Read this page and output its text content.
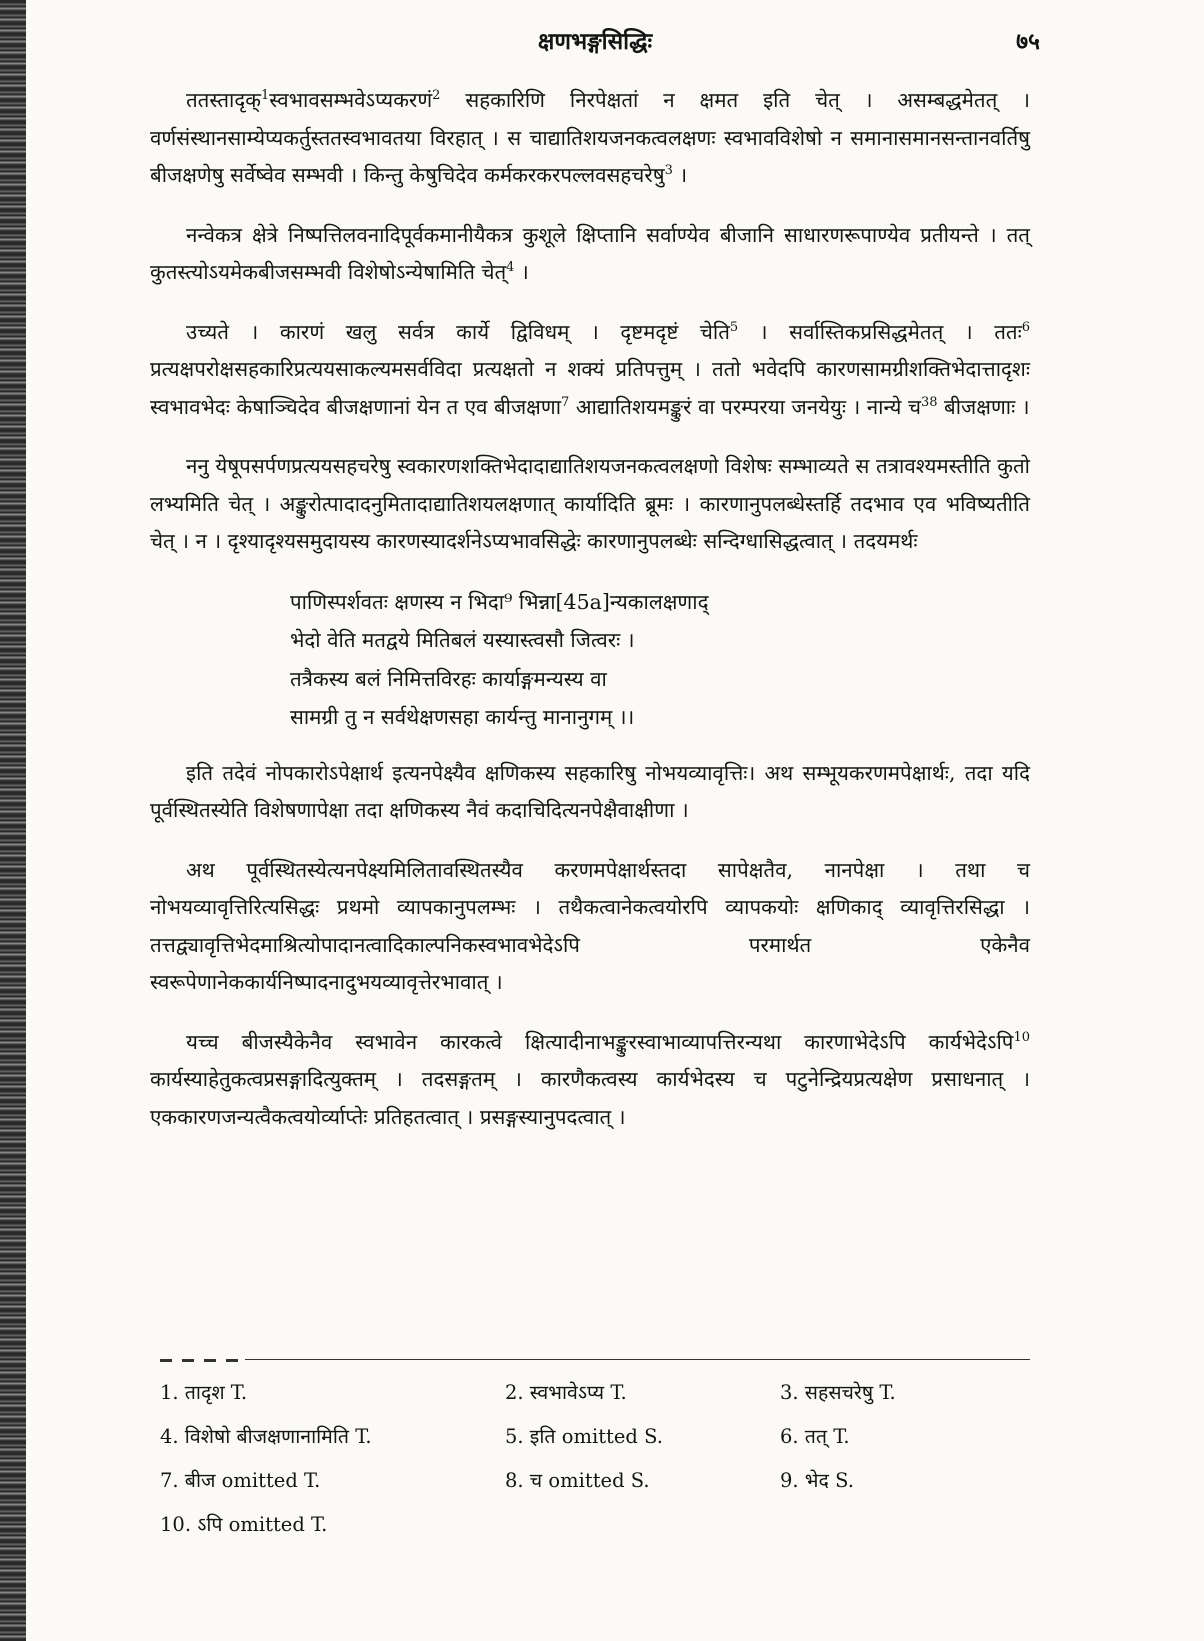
क्षणभङ्गसिद्धिः	७५
ततस्तादृक्$^1$स्वभावसम्भवेऽप्यकरणं$^2$ सहकारिणि निरपेक्षतां न क्षमत इति चेत् । असम्बद्धमेतत् । वर्णसंस्थानसाम्येप्यकर्तुस्ततस्वभावतया विरहात् । स चाद्यातिशयजनकत्वलक्षणः स्वभावविशेषो न समानासमानसन्तानवर्तिषु बीजक्षणेषु सर्वेष्वेव सम्भवी । किन्तु केषुचिदेव कर्मकरकरपल्लवसहचरेषु$^3$ ।
नन्वेकत्र क्षेत्रे निष्पत्तिलवनादिपूर्वकमानीयैकत्र कुशूले क्षिप्तानि सर्वाण्येव बीजानि साधारणरूपाण्येव प्रतीयन्ते । तत् कुतस्त्योऽयमेकबीजसम्भवी विशेषोऽन्येषामिति चेत्$^4$ ।
उच्यते । कारणं खलु सर्वत्र कार्ये द्विविधम् । दृष्टमदृष्टं चेति$^5$ । सर्वास्तिकप्रसिद्धमेतत् । ततः$^6$ प्रत्यक्षपरोक्षसहकारिप्रत्ययसाकल्यमसर्वविदा प्रत्यक्षतो न शक्यं प्रतिपत्तुम् । ततो भवेदपि कारणसामग्रीशक्तिभेदात्तादृशः स्वभावभेदः केषाञ्चिदेव बीजक्षणानां येन त एव बीजक्षणा$^7$ आद्यातिशयमङ्कुरं वा परम्परया जनयेयुः । नान्ये च$^{38}$ बीजक्षणाः ।
ननु येषूपसर्पणप्रत्ययसहचरेषु स्वकारणशक्तिभेदादाद्यातिशयजनकत्वलक्षणो विशेषः सम्भाव्यते स तत्रावश्यमस्तीति कुतो लभ्यमिति चेत् । अङ्कुरोत्पादादनुमितादाद्यातिशयलक्षणात् कार्यादिति ब्रूमः । कारणानुपलब्धेस्तर्हि तदभाव एव भविष्यतीति चेत् । न । दृश्यादृश्यसमुदायस्य कारणस्यादर्शनेऽप्यभावसिद्धेः कारणानुपलब्धेः सन्दिग्धासिद्धत्वात् । तदयमर्थः
पाणिस्पर्शवतः क्षणस्य न भिदा⁹ भिन्ना[45a]न्यकालक्षणाद्
भेदो वेति मतद्वये मितिबलं यस्यास्त्वसौ जित्वरः ।
तत्रैकस्य बलं निमित्तविरहः कार्याङ्गमन्यस्य वा
सामग्री तु न सर्वथेक्षणसहा कार्यन्तु मानानुगम् ।।
इति तदेवं नोपकारोऽपेक्षार्थ इत्यनपेक्ष्यैव क्षणिकस्य सहकारिषु नोभयव्यावृत्तिः। अथ सम्भूयकरणमपेक्षार्थः, तदा यदि पूर्वस्थितस्येति विशेषणापेक्षा तदा क्षणिकस्य नैवं कदाचिदित्यनपेक्षैवाक्षीणा ।
अथ पूर्वस्थितस्येत्यनपेक्ष्यमिलितावस्थितस्यैव करणमपेक्षार्थस्तदा सापेक्षतैव, नानपेक्षा । तथा च नोभयव्यावृत्तिरित्यसिद्धः प्रथमो व्यापकानुपलम्भः । तथैकत्वानेकत्वयोरपि व्यापकयोः क्षणिकाद् व्यावृत्तिरसिद्धा । तत्तद्व्यावृत्तिभेदमाश्रित्योपादानत्वादिकाल्पनिकस्वभावभेदेऽपि परमार्थत एकेनैव स्वरूपेणानेककार्यनिष्पादनादुभयव्यावृत्तेरभावात् ।
यच्च बीजस्यैकेनैव स्वभावेन कारकत्वे क्षित्यादीनाभङ्कुरस्वाभाव्यापत्तिरन्यथा कारणाभेदेऽपि कार्यभेदेऽपि$^{10}$ कार्यस्याहेतुकत्वप्रसङ्गादित्युक्तम् । तदसङ्गतम् । कारणैकत्वस्य कार्यभेदस्य च पटुनेन्द्रियप्रत्यक्षेण प्रसाधनात् । एककारणजन्यत्वैकत्वयोर्व्याप्तेः प्रतिहतत्वात् । प्रसङ्गस्यानुपदत्वात् ।
1. तादृश T.	2. स्वभावेऽप्य T.	3. सहसचरेषु T.
4. विशेषो बीजक्षणानामिति T.	5. इति omitted S.	6. तत् T.
7. बीज omitted T.	8. च omitted S.	9. भेद S.
10. ऽपि omitted T.
